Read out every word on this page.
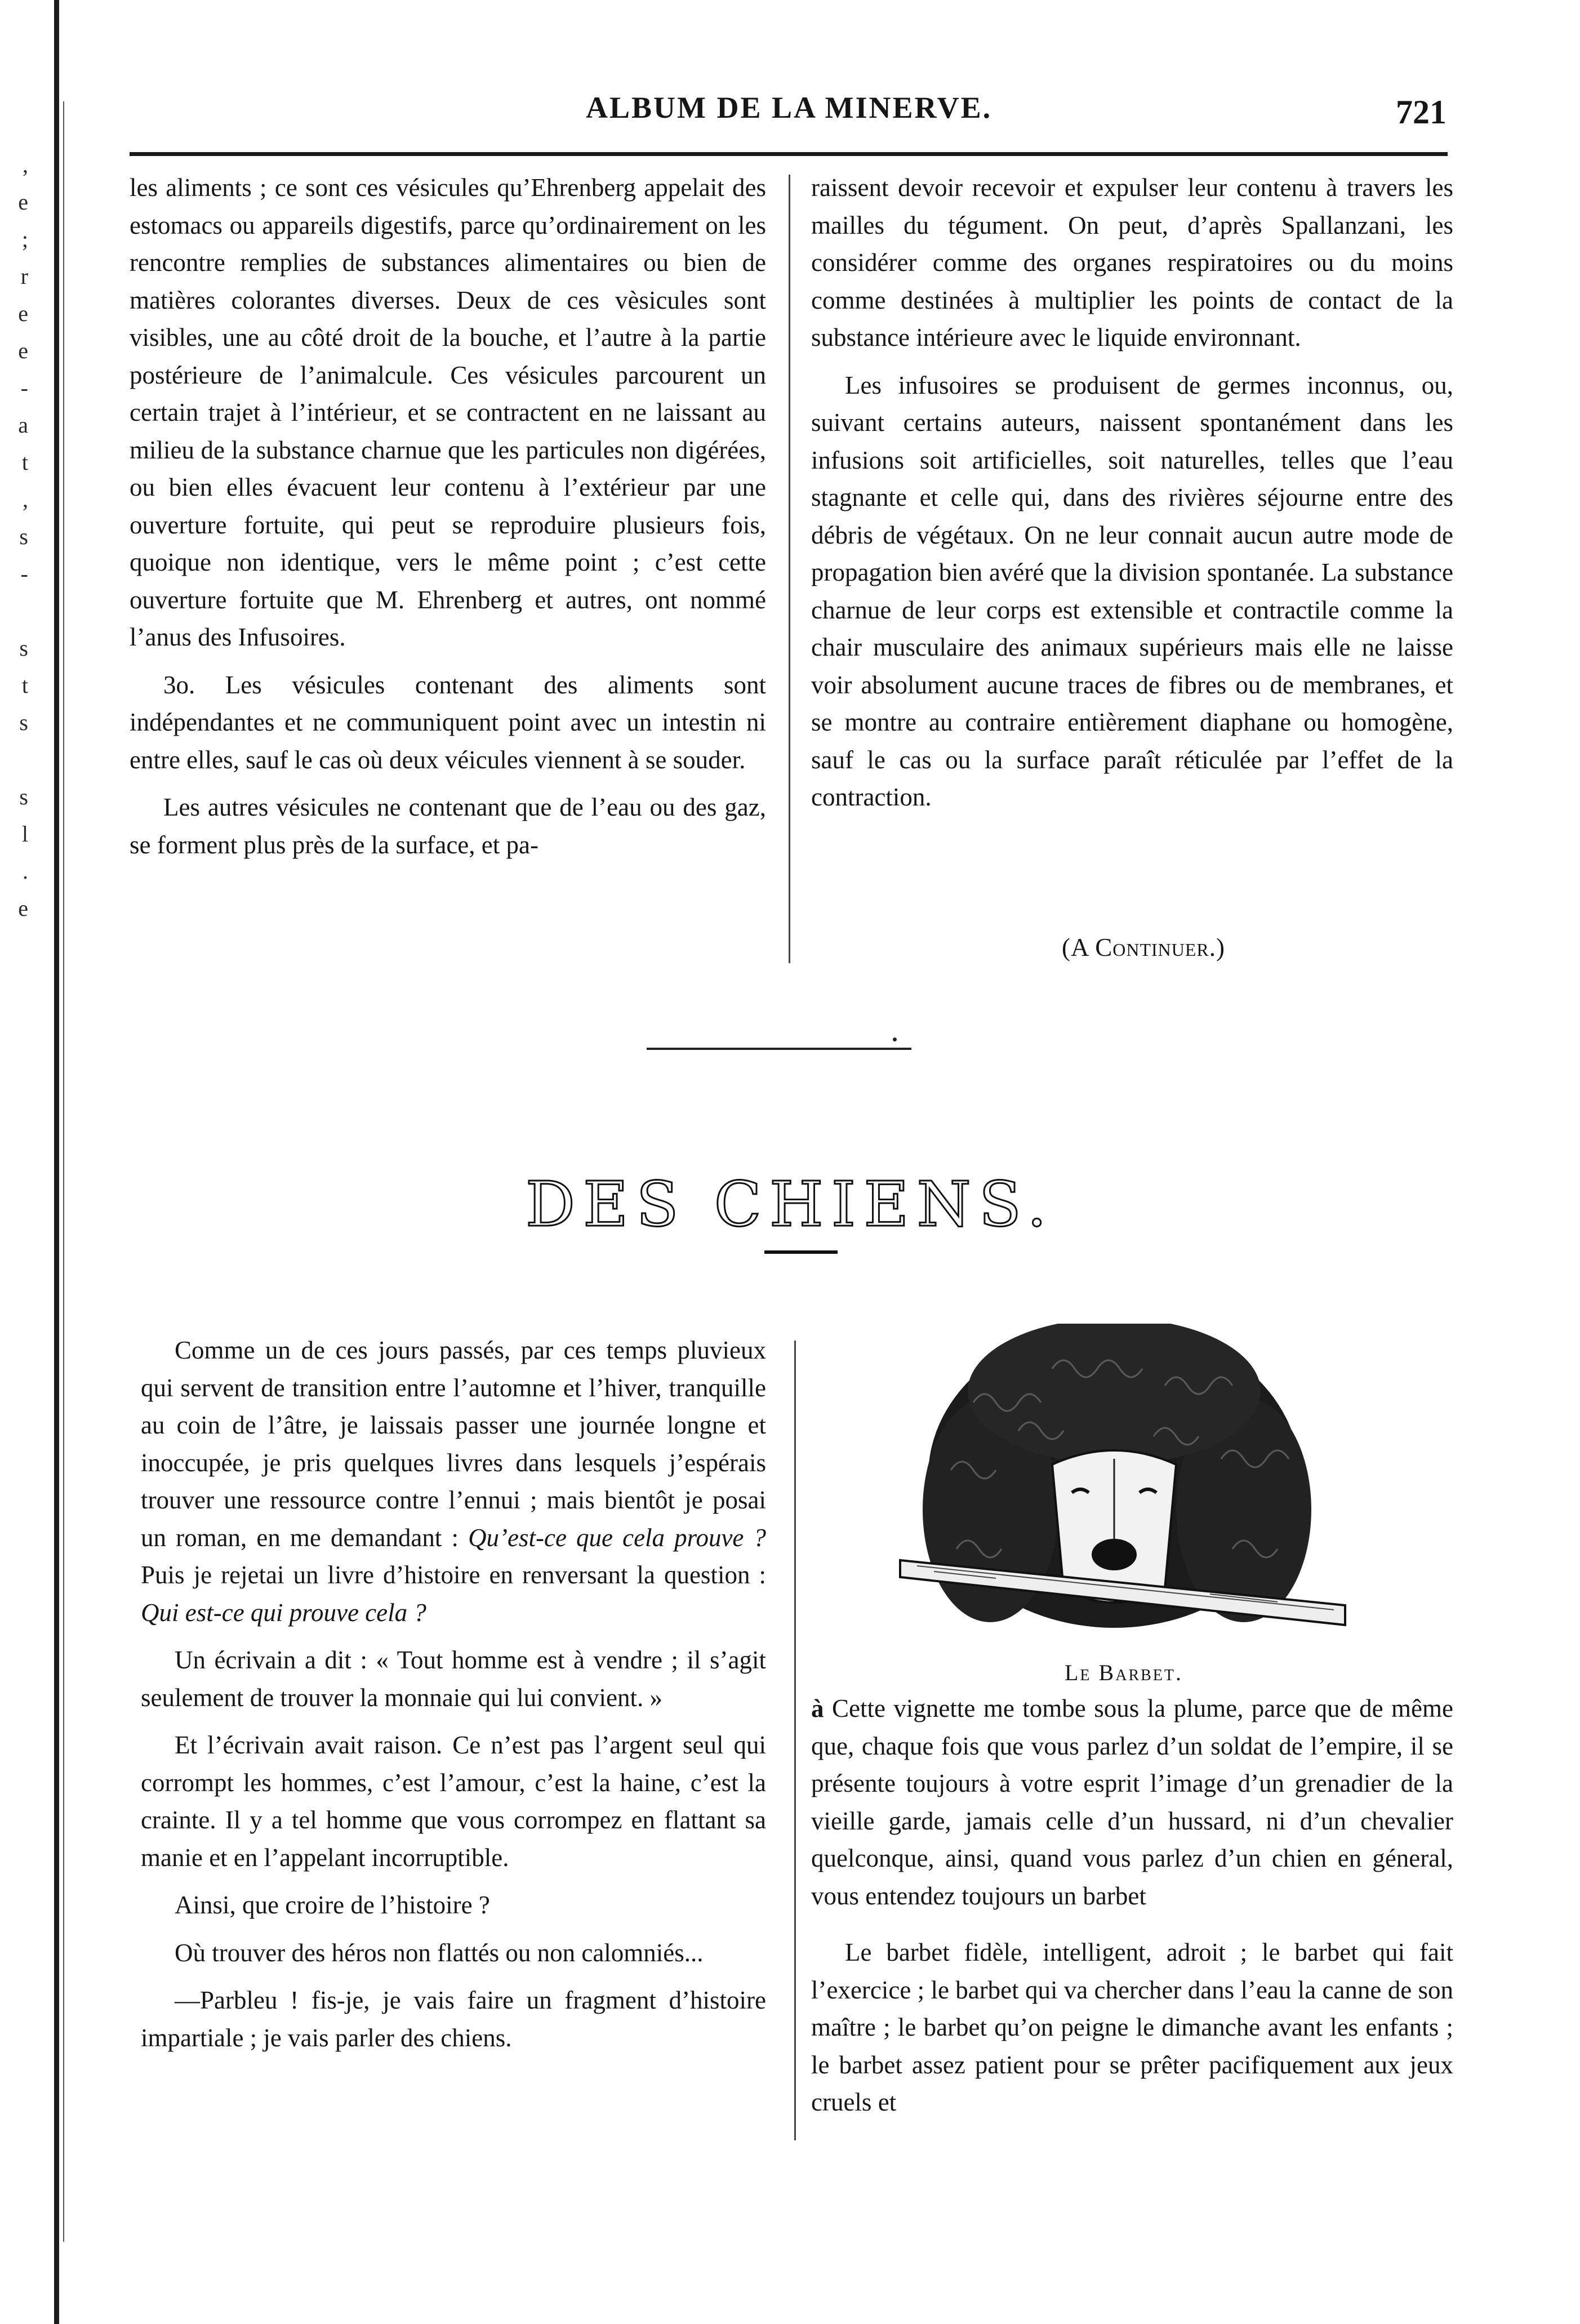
,
e
;
r
e
e
-
a
t
,
s
-
s
t
s
s
l
.
e
ALBUM DE LA MINERVE.	721

les aliments ; ce sont ces vésicules qu’Ehrenberg appelait des estomacs ou appareils digestifs, parce qu’ordinairement on les rencontre remplies de substances alimentaires ou bien de matières colorantes diverses. Deux de ces vèsicules sont visibles, une au côté droit de la bouche, et l’autre à la partie postérieure de l’animalcule. Ces vésicules parcourent un certain trajet à l’intérieur, et se contractent en ne laissant au milieu de la substance charnue que les particules non digérées, ou bien elles évacuent leur contenu à l’extérieur par une ouverture fortuite, qui peut se reproduire plusieurs fois, quoique non identique, vers le même point ; c’est cette ouverture fortuite que M. Ehrenberg et autres, ont nommé l’anus des Infusoires.

3o. Les vésicules contenant des aliments sont indépendantes et ne communiquent point avec un intestin ni entre elles, sauf le cas où deux véicules viennent à se souder.

Les autres vésicules ne contenant que de l’eau ou des gaz, se forment plus près de la surface, et pa-

raissent devoir recevoir et expulser leur contenu à travers les mailles du tégument. On peut, d’après Spallanzani, les considérer comme des organes respiratoires ou du moins comme destinées à multiplier les points de contact de la substance intérieure avec le liquide environnant.

Les infusoires se produisent de germes inconnus, ou, suivant certains auteurs, naissent spontanément dans les infusions soit artificielles, soit naturelles, telles que l’eau stagnante et celle qui, dans des rivières séjourne entre des débris de végétaux. On ne leur connait aucun autre mode de propagation bien avéré que la division spontanée. La substance charnue de leur corps est extensible et contractile comme la chair musculaire des animaux supérieurs mais elle ne laisse voir absolument aucune traces de fibres ou de membranes, et se montre au contraire entièrement diaphane ou homogène, sauf le cas ou la surface paraît réticulée par l’effet de la contraction.

(A Continuer.)
DES CHIENS.

Comme un de ces jours passés, par ces temps pluvieux qui servent de transition entre l’automne et l’hiver, tranquille au coin de l’âtre, je laissais passer une journée longne et inoccupée, je pris quelques livres dans lesquels j’espérais trouver une ressource contre l’ennui ; mais bientôt je posai un roman, en me demandant : Qu’est-ce que cela prouve ? Puis je rejetai un livre d’histoire en renversant la question : Qui est-ce qui prouve cela ?

Un écrivain a dit : « Tout homme est à vendre ; il s’agit seulement de trouver la monnaie qui lui convient. »

Et l’écrivain avait raison. Ce n’est pas l’argent seul qui corrompt les hommes, c’est l’amour, c’est la haine, c’est la crainte. Il y a tel homme que vous corrompez en flattant sa manie et en l’appelant incorruptible.

Ainsi, que croire de l’histoire ?

Où trouver des héros non flattés ou non calomniés...

—Parbleu ! fis-je, je vais faire un fragment d’histoire impartiale ; je vais parler des chiens.

Le Barbet.

à Cette vignette me tombe sous la plume, parce que de même que, chaque fois que vous parlez d’un soldat de l’empire, il se présente toujours à votre esprit l’image d’un grenadier de la vieille garde, jamais celle d’un hussard, ni d’un chevalier quelconque, ainsi, quand vous parlez d’un chien en géneral, vous entendez toujours un barbet

Le barbet fidèle, intelligent, adroit ; le barbet qui fait l’exercice ; le barbet qui va chercher dans l’eau la canne de son maître ; le barbet qu’on peigne le dimanche avant les enfants ; le barbet assez patient pour se prêter pacifiquement aux jeux cruels et
